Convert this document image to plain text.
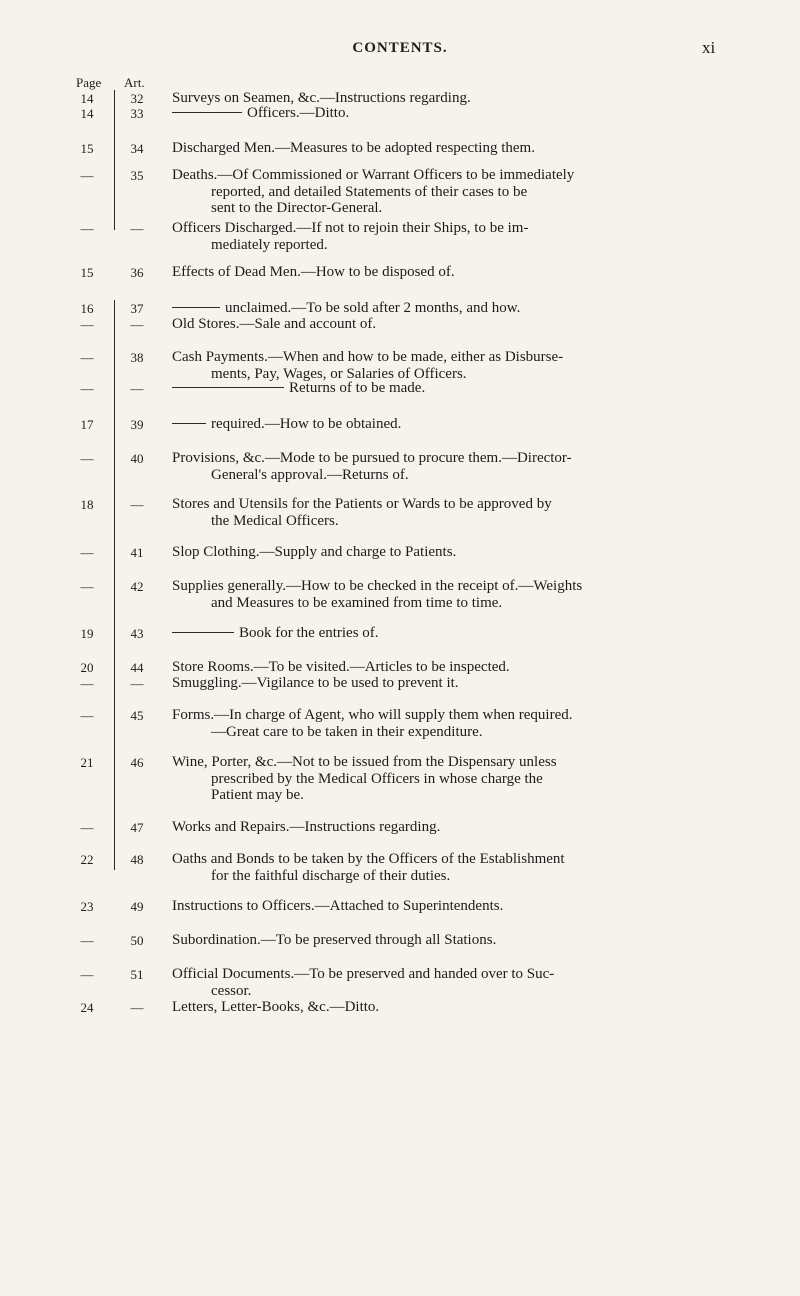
CONTENTS.	xi
Page Art.
14	32	Surveys on Seamen, &c.—Instructions regarding.
14	33	Officers.—Ditto.
15	34	Discharged Men.—Measures to be adopted respecting them.
—	35	Deaths.—Of Commissioned or Warrant Officers to be immediately
reported, and detailed Statements of their cases to be
sent to the Director-General.
—	—	Officers Discharged.—If not to rejoin their Ships, to be im-
mediately reported.
15	36	Effects of Dead Men.—How to be disposed of.
16	37	unclaimed.—To be sold after 2 months, and how.
—	—	Old Stores.—Sale and account of.
—	38	Cash Payments.—When and how to be made, either as Disburse-
ments, Pay, Wages, or Salaries of Officers.
—	—	Returns of to be made.
17	39	required.—How to be obtained.
—	40	Provisions, &c.—Mode to be pursued to procure them.—Director-
General's approval.—Returns of.
18	—	Stores and Utensils for the Patients or Wards to be approved by
the Medical Officers.
—	41	Slop Clothing.—Supply and charge to Patients.
—	42	Supplies generally.—How to be checked in the receipt of.—Weights
and Measures to be examined from time to time.
19	43	Book for the entries of.
20	44	Store Rooms.—To be visited.—Articles to be inspected.
—	—	Smuggling.—Vigilance to be used to prevent it.
—	45	Forms.—In charge of Agent, who will supply them when required.
—Great care to be taken in their expenditure.
21	46	Wine, Porter, &c.—Not to be issued from the Dispensary unless
prescribed by the Medical Officers in whose charge the
Patient may be.
—	47	Works and Repairs.—Instructions regarding.
22	48	Oaths and Bonds to be taken by the Officers of the Establishment
for the faithful discharge of their duties.
23	49	Instructions to Officers.—Attached to Superintendents.
—	50	Subordination.—To be preserved through all Stations.
—	51	Official Documents.—To be preserved and handed over to Suc-
cessor.
24	—	Letters, Letter-Books, &c.—Ditto.
